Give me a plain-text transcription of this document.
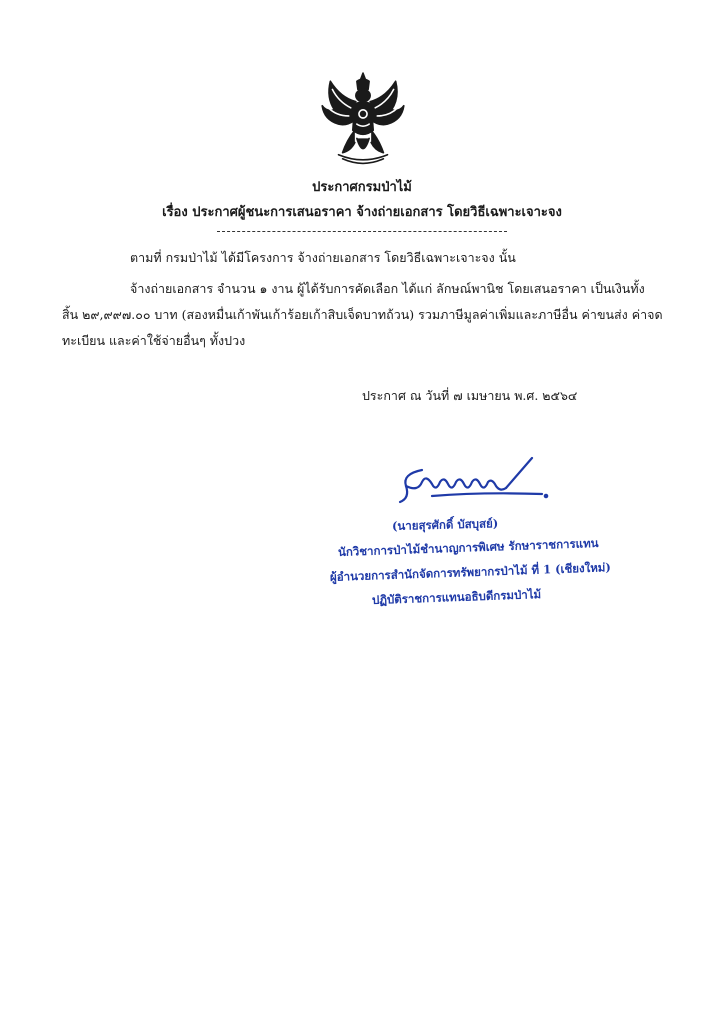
ประกาศกรมป่าไม้
เรื่อง ประกาศผู้ชนะการเสนอราคา จ้างถ่ายเอกสาร โดยวิธีเฉพาะเจาะจง
ตามที่ กรมป่าไม้ ได้มีโครงการ จ้างถ่ายเอกสาร โดยวิธีเฉพาะเจาะจง นั้น
จ้างถ่ายเอกสาร จำนวน ๑ งาน ผู้ได้รับการคัดเลือก ได้แก่ ลักษณ์พานิช โดยเสนอราคา เป็นเงินทั้ง
สิ้น ๒๙,๙๙๗.๐๐ บาท (สองหมื่นเก้าพันเก้าร้อยเก้าสิบเจ็ดบาทถ้วน) รวมภาษีมูลค่าเพิ่มและภาษีอื่น ค่าขนส่ง ค่าจด
ทะเบียน และค่าใช้จ่ายอื่นๆ ทั้งปวง
ประกาศ ณ วันที่ ๗ เมษายน พ.ศ. ๒๕๖๔
(นายสุรศักดิ์ บัสบุสย์)
นักวิชาการป่าไม้ชำนาญการพิเศษ รักษาราชการแทน
ผู้อำนวยการสำนักจัดการทรัพยากรป่าไม้ ที่ 1 (เชียงใหม่)
ปฏิบัติราชการแทนอธิบดีกรมป่าไม้
